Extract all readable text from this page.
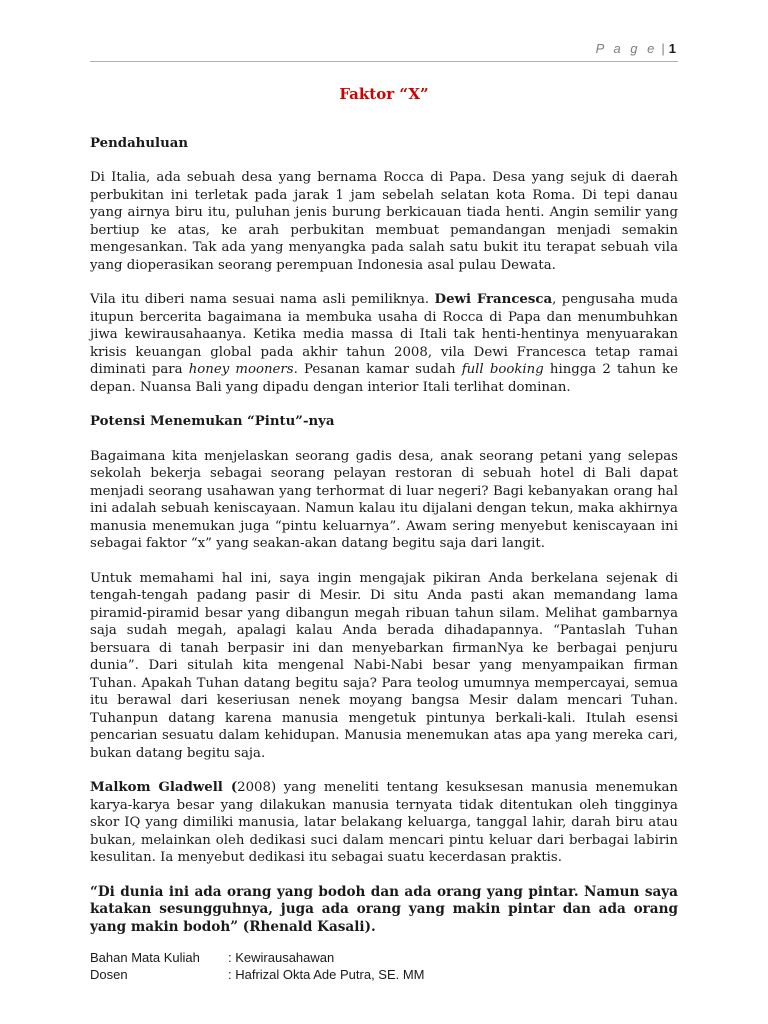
P a g e | 1
Faktor “X”
Pendahuluan

Di Italia, ada sebuah desa yang bernama Rocca di Papa. Desa yang sejuk di daerah perbukitan ini terletak pada jarak 1 jam sebelah selatan kota Roma. Di tepi danau yang airnya biru itu, puluhan jenis burung berkicauan tiada henti. Angin semilir yang bertiup ke atas, ke arah perbukitan membuat pemandangan menjadi semakin mengesankan. Tak ada yang menyangka pada salah satu bukit itu terapat sebuah vila yang dioperasikan seorang perempuan Indonesia asal pulau Dewata.

Vila itu diberi nama sesuai nama asli pemiliknya. Dewi Francesca, pengusaha muda itupun bercerita bagaimana ia membuka usaha di Rocca di Papa dan menumbuhkan jiwa kewirausahaanya. Ketika media massa di Itali tak henti-hentinya menyuarakan krisis keuangan global pada akhir tahun 2008, vila Dewi Francesca tetap ramai diminati para honey mooners. Pesanan kamar sudah full booking hingga 2 tahun ke depan. Nuansa Bali yang dipadu dengan interior Itali terlihat dominan.

Potensi Menemukan “Pintu”-nya

Bagaimana kita menjelaskan seorang gadis desa, anak seorang petani yang selepas sekolah bekerja sebagai seorang pelayan restoran di sebuah hotel di Bali dapat menjadi seorang usahawan yang terhormat di luar negeri? Bagi kebanyakan orang hal ini adalah sebuah keniscayaan. Namun kalau itu dijalani dengan tekun, maka akhirnya manusia menemukan juga “pintu keluarnya”. Awam sering menyebut keniscayaan ini sebagai faktor “x” yang seakan-akan datang begitu saja dari langit.

Untuk memahami hal ini, saya ingin mengajak pikiran Anda berkelana sejenak di tengah-tengah padang pasir di Mesir. Di situ Anda pasti akan memandang lama piramid-piramid besar yang dibangun megah ribuan tahun silam. Melihat gambarnya saja sudah megah, apalagi kalau Anda berada dihadapannya. “Pantaslah Tuhan bersuara di tanah berpasir ini dan menyebarkan firmanNya ke berbagai penjuru dunia”. Dari situlah kita mengenal Nabi-Nabi besar yang menyampaikan firman Tuhan. Apakah Tuhan datang begitu saja? Para teolog umumnya mempercayai, semua itu berawal dari keseriusan nenek moyang bangsa Mesir dalam mencari Tuhan. Tuhanpun datang karena manusia mengetuk pintunya berkali-kali. Itulah esensi pencarian sesuatu dalam kehidupan. Manusia menemukan atas apa yang mereka cari, bukan datang begitu saja.

Malkom Gladwell (2008) yang meneliti tentang kesuksesan manusia menemukan karya-karya besar yang dilakukan manusia ternyata tidak ditentukan oleh tingginya skor IQ yang dimiliki manusia, latar belakang keluarga, tanggal lahir, darah biru atau bukan, melainkan oleh dedikasi suci dalam mencari pintu keluar dari berbagai labirin kesulitan. Ia menyebut dedikasi itu sebagai suatu kecerdasan praktis.

“Di dunia ini ada orang yang bodoh dan ada orang yang pintar. Namun saya katakan sesungguhnya, juga ada orang yang makin pintar dan ada orang yang makin bodoh” (Rhenald Kasali).

Bahan Mata Kuliah	: Kewirausahawan
Dosen	: Hafrizal Okta Ade Putra, SE. MM
